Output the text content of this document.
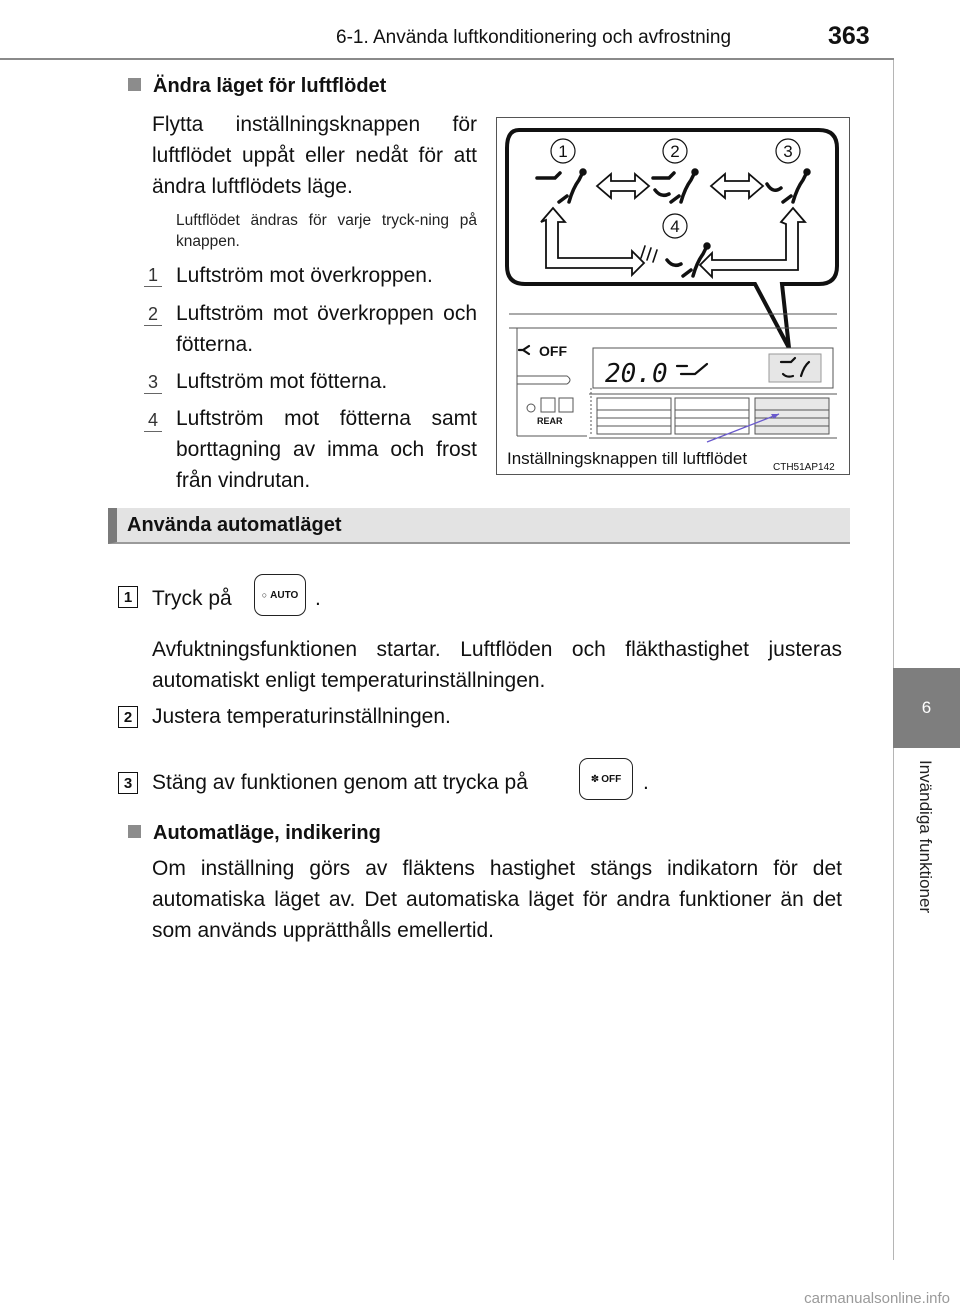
6-1. Använda luftkonditionering och avfrostning	363
6
Invändiga funktioner
Ändra läget för luftflödet
Flytta inställningsknappen för luftflödet uppåt eller nedåt för att ändra luftflödets läge.
Luftflödet ändras för varje tryck-ning på knappen.
1 Luftström mot överkroppen.
2 Luftström mot överkroppen och fötterna.
3 Luftström mot fötterna.
4 Luftström mot fötterna samt borttagning av imma och frost från vindrutan.
1	2	3
4
OFF
20.0
REAR
Inställningsknappen till luftflödet	CTH51AP142
Använda automatläget
1 Tryck på	○ AUTO .
Avfuktningsfunktionen startar. Luftflöden och fläkthastighet justeras automatiskt enligt temperaturinställningen.
2 Justera temperaturinställningen.
3 Stäng av funktionen genom att trycka på	✽ OFF .
Automatläge, indikering
Om inställning görs av fläktens hastighet stängs indikatorn för det automatiska läget av. Det automatiska läget för andra funktioner än det som används upprätthålls emellertid.
carmanualsonline.info
